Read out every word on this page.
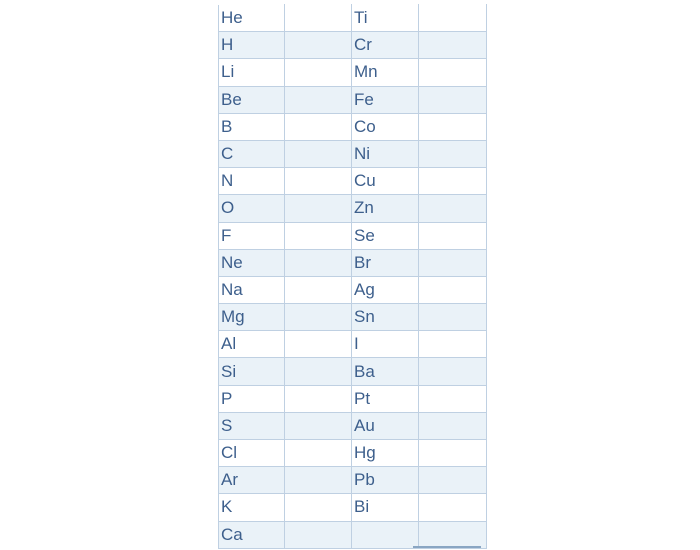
He		Ti	
H		Cr	
Li		Mn	
Be		Fe	
B		Co	
C		Ni	
N		Cu	
O		Zn	
F		Se	
Ne		Br	
Na		Ag	
Mg		Sn	
Al		I	
Si		Ba	
P		Pt	
S		Au	
Cl		Hg	
Ar		Pb	
K		Bi	
Ca			
